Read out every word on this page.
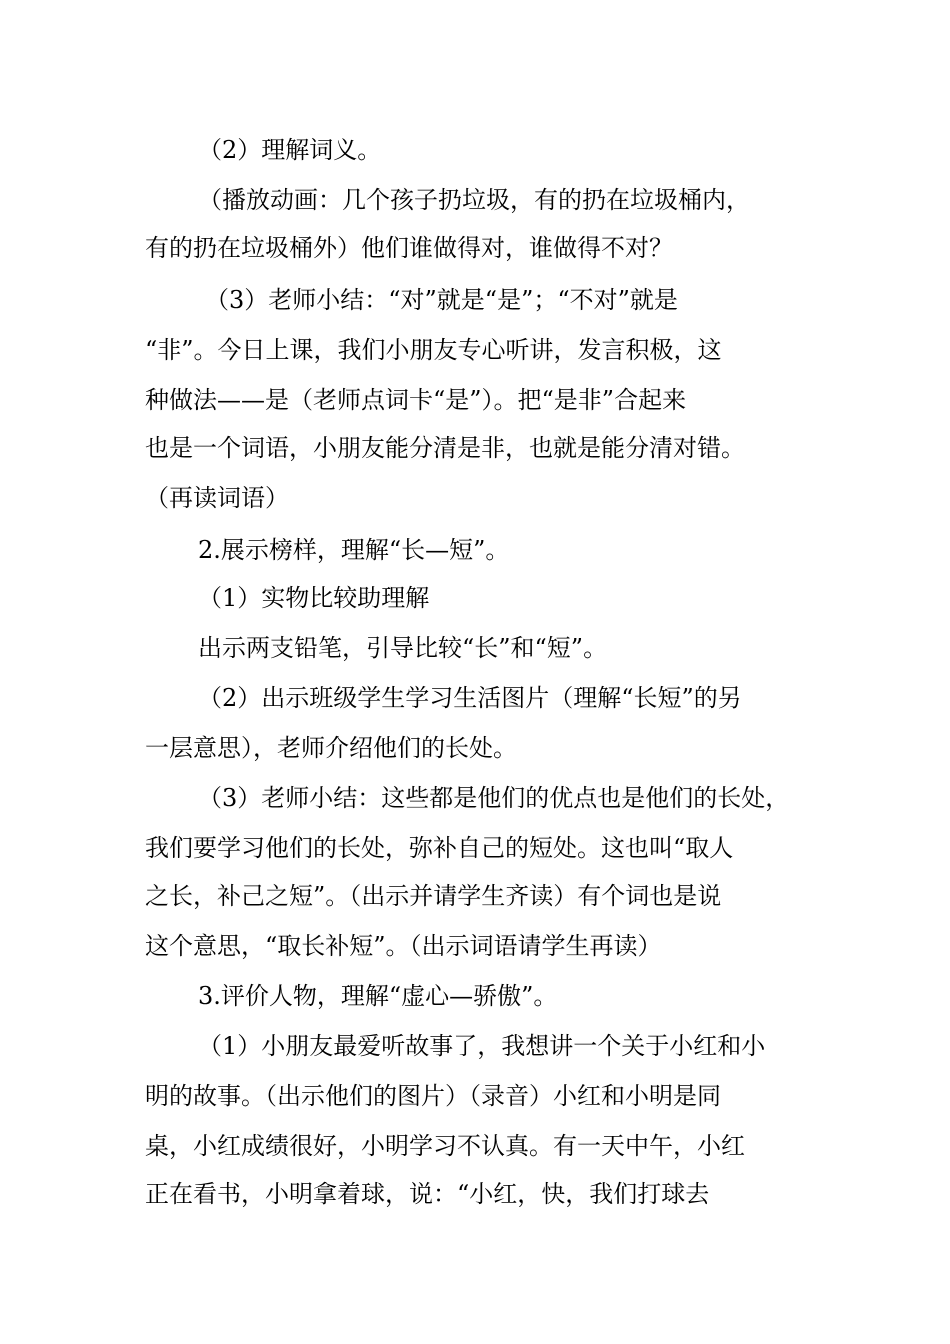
（2）理解词义。
（播放动画：几个孩子扔垃圾，有的扔在垃圾桶内，
有的扔在垃圾桶外）他们谁做得对，谁做得不对？
（3）老师小结：“对”就是“是”；“不对”就是
“非”。今日上课，我们小朋友专心听讲，发言积极，这
种做法——是（老师点词卡“是”）。把“是非”合起来
也是一个词语，小朋友能分清是非，也就是能分清对错。
（再读词语）
2.展示榜样，理解“长—短”。
（1）实物比较助理解
出示两支铅笔，引导比较“长”和“短”。
（2）出示班级学生学习生活图片（理解“长短”的另
一层意思），老师介绍他们的长处。
（3）老师小结：这些都是他们的优点也是他们的长处，
我们要学习他们的长处，弥补自己的短处。这也叫“取人
之长，补己之短”。（出示并请学生齐读）有个词也是说
这个意思，“取长补短”。（出示词语请学生再读）
3.评价人物，理解“虚心—骄傲”。
（1）小朋友最爱听故事了，我想讲一个关于小红和小
明的故事。（出示他们的图片）（录音）小红和小明是同
桌，小红成绩很好，小明学习不认真。有一天中午，小红
正在看书，小明拿着球，说：“小红，快，我们打球去
